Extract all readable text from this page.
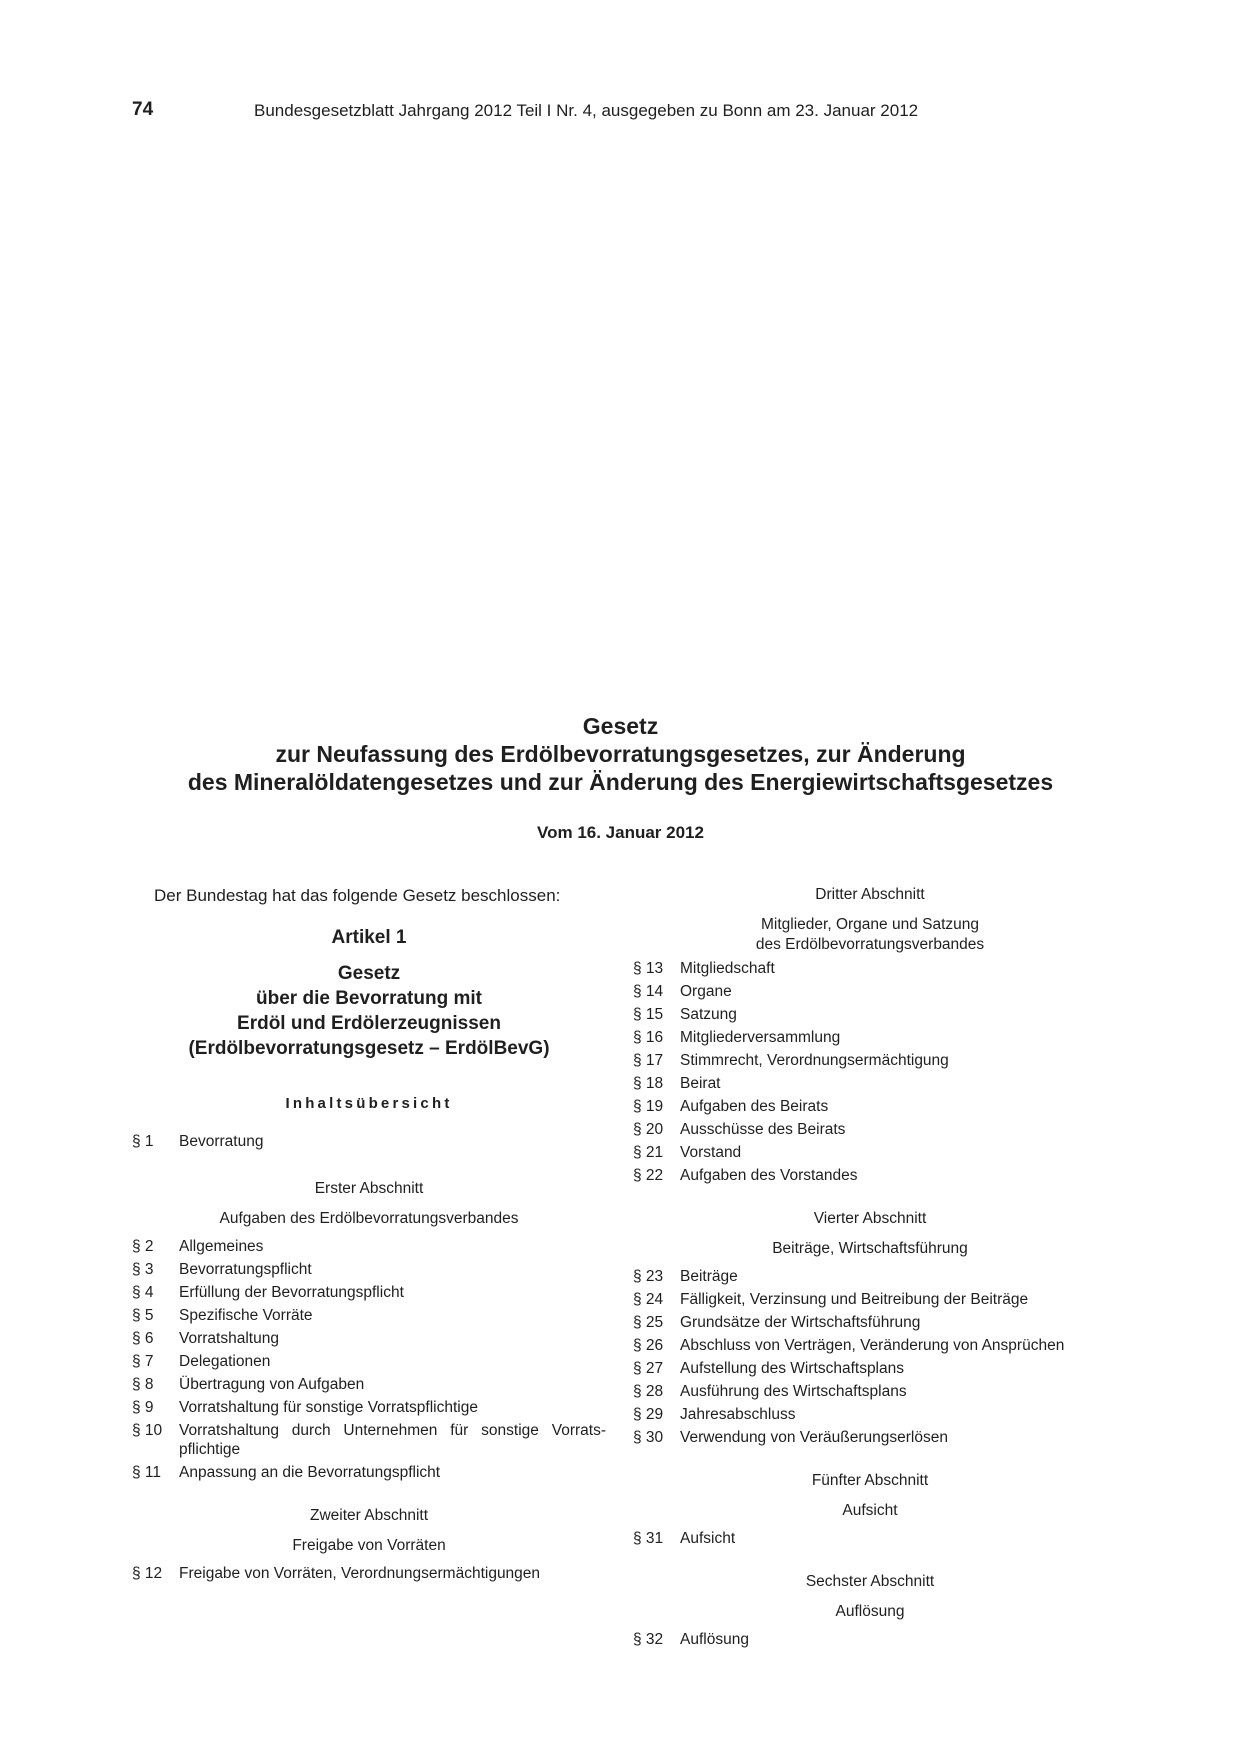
74	Bundesgesetzblatt Jahrgang 2012 Teil I Nr. 4, ausgegeben zu Bonn am 23. Januar 2012
Gesetz
zur Neufassung des Erdölbevorratungsgesetzes, zur Änderung
des Mineralöldatengesetzes und zur Änderung des Energiewirtschaftsgesetzes
Vom 16. Januar 2012

Der Bundestag hat das folgende Gesetz beschlossen:

Artikel 1
Gesetz
über die Bevorratung mit
Erdöl und Erdölerzeugnissen
(Erdölbevorratungsgesetz – ErdölBevG)
Inhaltsübersicht
§ 1	Bevorratung
Erster Abschnitt
Aufgaben des Erdölbevorratungsverbandes
§ 2	Allgemeines
§ 3	Bevorratungspflicht
§ 4	Erfüllung der Bevorratungspflicht
§ 5	Spezifische Vorräte
§ 6	Vorratshaltung
§ 7	Delegationen
§ 8	Übertragung von Aufgaben
§ 9	Vorratshaltung für sonstige Vorratspflichtige
§ 10	Vorratshaltung durch Unternehmen für sonstige Vorrats-pflichtige
§ 11	Anpassung an die Bevorratungspflicht
Zweiter Abschnitt
Freigabe von Vorräten
§ 12	Freigabe von Vorräten, Verordnungsermächtigungen
Dritter Abschnitt
Mitglieder, Organe und Satzung
des Erdölbevorratungsverbandes
§ 13	Mitgliedschaft
§ 14	Organe
§ 15	Satzung
§ 16	Mitgliederversammlung
§ 17	Stimmrecht, Verordnungsermächtigung
§ 18	Beirat
§ 19	Aufgaben des Beirats
§ 20	Ausschüsse des Beirats
§ 21	Vorstand
§ 22	Aufgaben des Vorstandes
Vierter Abschnitt
Beiträge, Wirtschaftsführung
§ 23	Beiträge
§ 24	Fälligkeit, Verzinsung und Beitreibung der Beiträge
§ 25	Grundsätze der Wirtschaftsführung
§ 26	Abschluss von Verträgen, Veränderung von Ansprüchen
§ 27	Aufstellung des Wirtschaftsplans
§ 28	Ausführung des Wirtschaftsplans
§ 29	Jahresabschluss
§ 30	Verwendung von Veräußerungserlösen
Fünfter Abschnitt
Aufsicht
§ 31	Aufsicht
Sechster Abschnitt
Auflösung
§ 32	Auflösung
